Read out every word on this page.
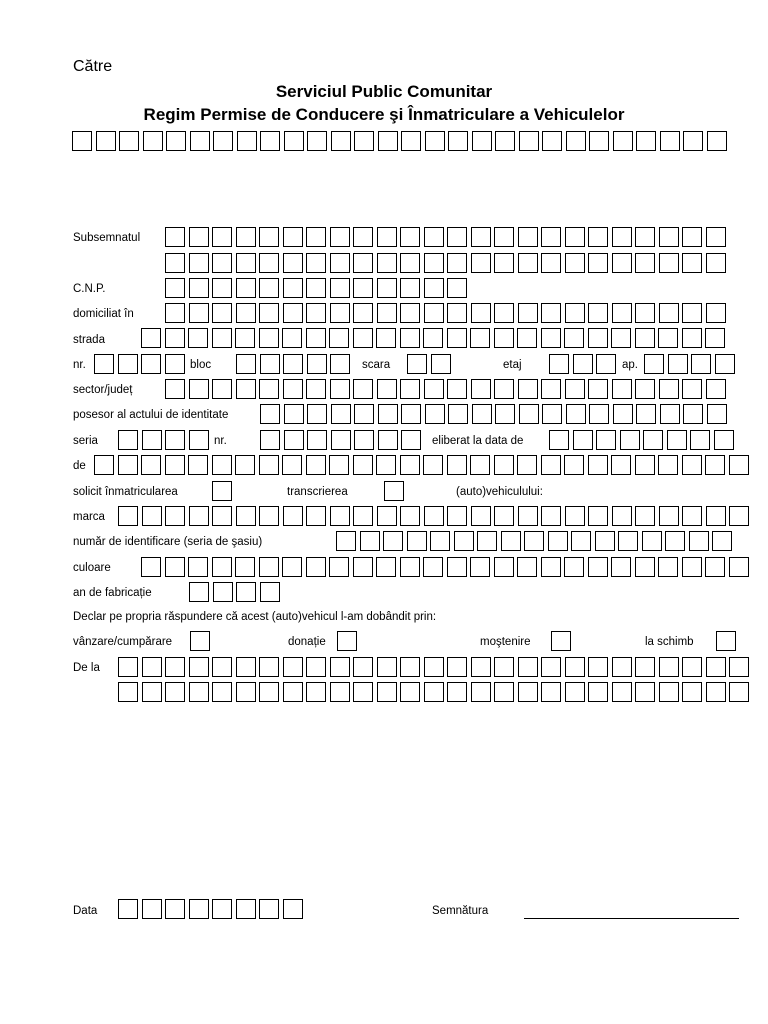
Către
Serviciul Public Comunitar
Regim Permise de Conducere şi Înmatriculare a Vehiculelor
Subsemnatul
C.N.P.
domiciliat în
strada
nr.	bloc	scara	etaj	ap.
sector/județ
posesor al actului de identitate
seria	nr.	eliberat la data de
de
solicit înmatricularea	transcrierea	(auto)vehiculului:
marca
număr de identificare (seria de şasiu)
culoare
an de fabricație
Declar pe propria răspundere că acest (auto)vehicul l-am dobândit prin:
vânzare/cumpărare	donație	moştenire	la schimb
De la
Data	Semnătura
